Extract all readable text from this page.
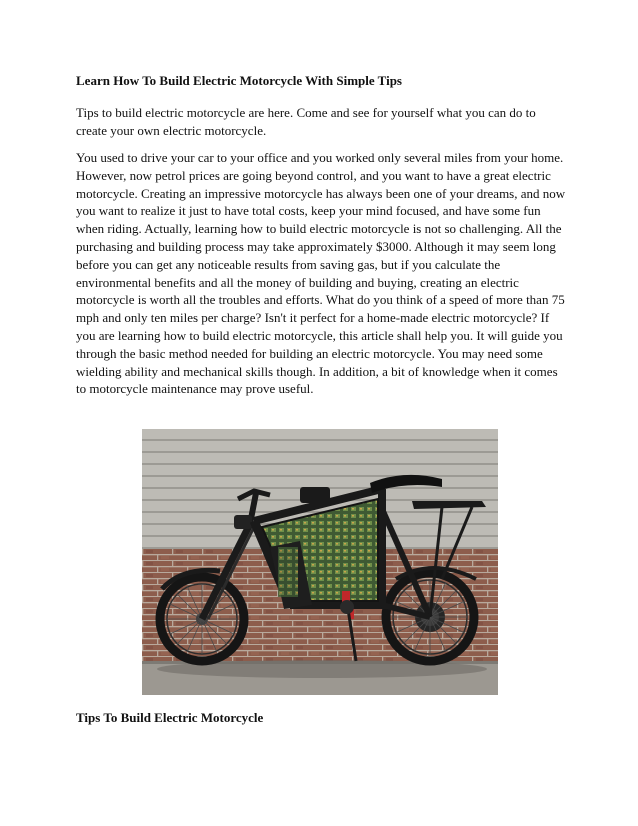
Learn How To Build Electric Motorcycle With Simple Tips

Tips to build electric motorcycle are here. Come and see for yourself what you can do to create your own electric motorcycle.

You used to drive your car to your office and you worked only several miles from your home. However, now petrol prices are going beyond control, and you want to have a great electric motorcycle. Creating an impressive motorcycle has always been one of your dreams, and now you want to realize it just to have total costs, keep your mind focused, and have some fun when riding. Actually, learning how to build electric motorcycle is not so challenging. All the purchasing and building process may take approximately $3000. Although it may seem long before you can get any noticeable results from saving gas, but if you calculate the environmental benefits and all the money of building and buying, creating an electric motorcycle is worth all the troubles and efforts. What do you think of a speed of more than 75 mph and only ten miles per charge? Isn't it perfect for a home-made electric motorcycle? If you are learning how to build electric motorcycle, this article shall help you. It will guide you through the basic method needed for building an electric motorcycle. You may need some wielding ability and mechanical skills though. In addition, a bit of knowledge when it comes to motorcycle maintenance may prove useful.

Tips To Build Electric Motorcycle
